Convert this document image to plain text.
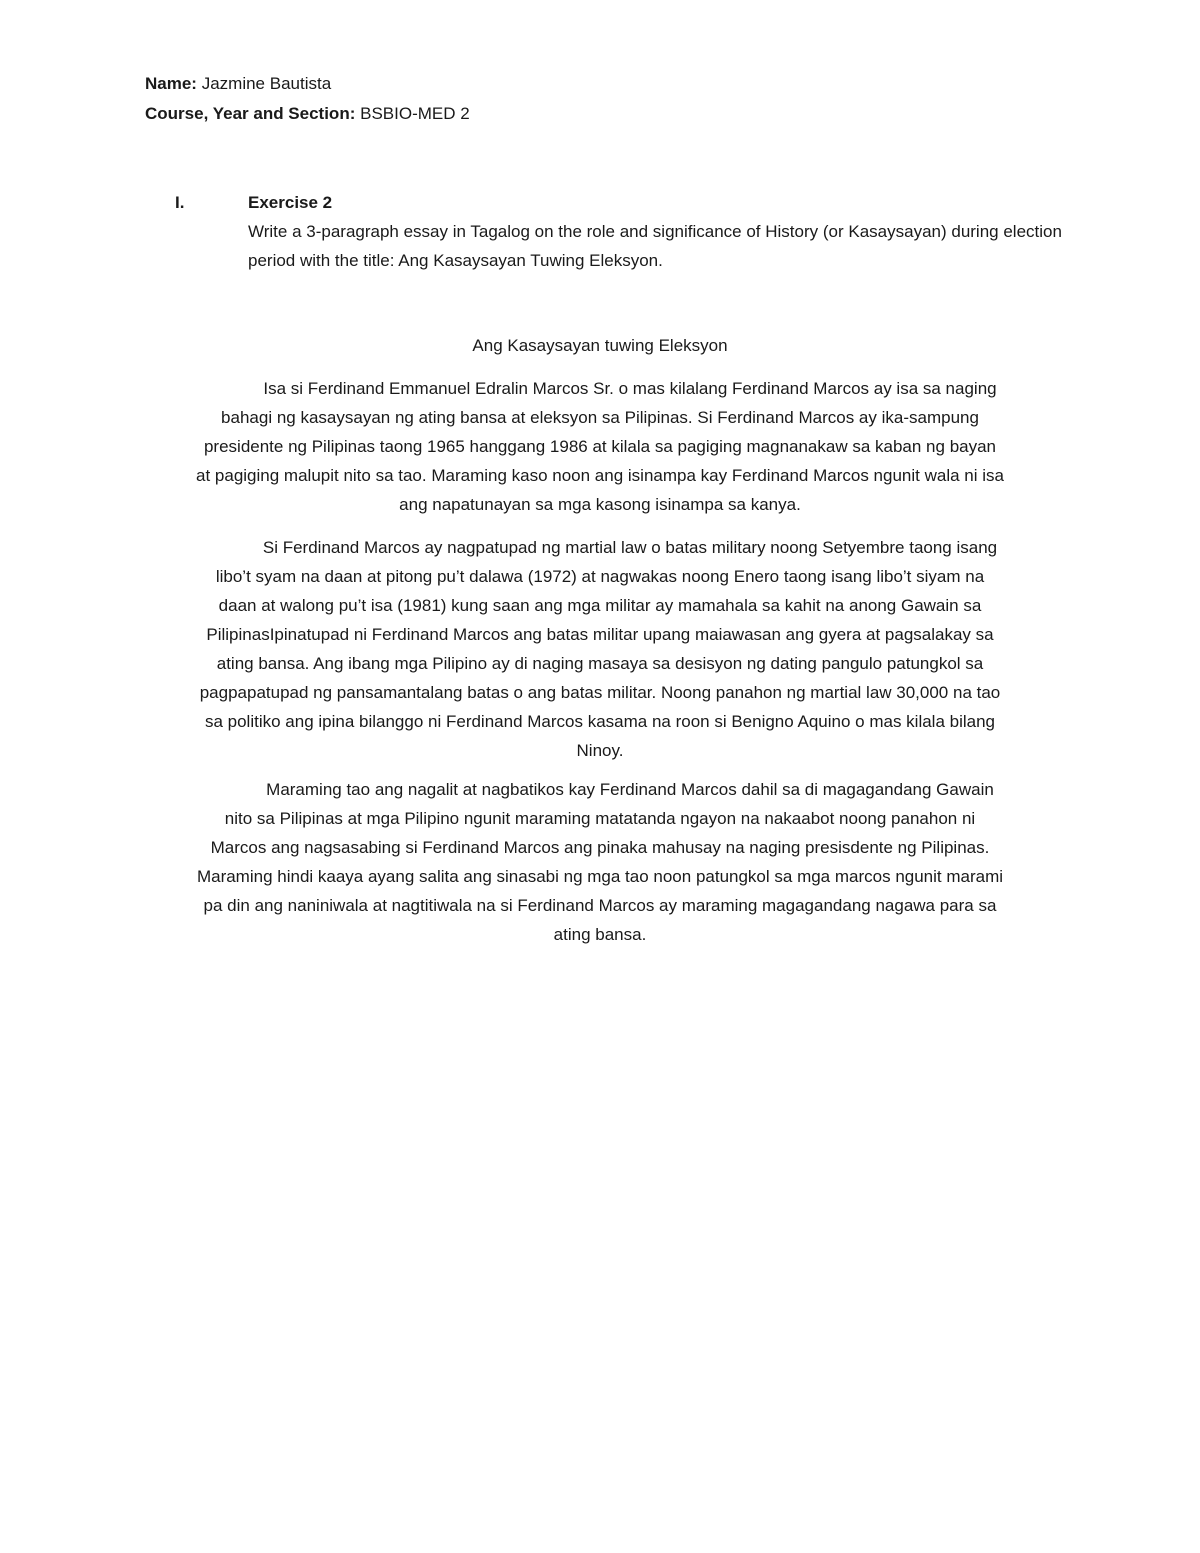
Name: Jazmine Bautista
Course, Year and Section: BSBIO-MED 2
I.	Exercise 2
Write a 3-paragraph essay in Tagalog on the role and significance of History (or Kasaysayan) during election period with the title: Ang Kasaysayan Tuwing Eleksyon.
Ang Kasaysayan tuwing Eleksyon
Isa si Ferdinand Emmanuel Edralin Marcos Sr. o mas kilalang Ferdinand Marcos ay isa sa naging bahagi ng kasaysayan ng ating bansa at eleksyon sa Pilipinas. Si Ferdinand Marcos ay ika-sampung presidente ng Pilipinas taong 1965 hanggang 1986 at kilala sa pagiging magnanakaw sa kaban ng bayan at pagiging malupit nito sa tao. Maraming kaso noon ang isinampa kay Ferdinand Marcos ngunit wala ni isa ang napatunayan sa mga kasong isinampa sa kanya.
Si Ferdinand Marcos ay nagpatupad ng martial law o batas military noong Setyembre taong isang libo’t syam na daan at pitong pu’t dalawa (1972) at nagwakas noong Enero taong isang libo’t siyam na daan at walong pu’t isa (1981) kung saan ang mga militar ay mamahala sa kahit na anong Gawain sa PilipinasIpinatupad ni Ferdinand Marcos ang batas militar upang maiawasan ang gyera at pagsalakay sa ating bansa. Ang ibang mga Pilipino ay di naging masaya sa desisyon ng dating pangulo patungkol sa pagpapatupad ng pansamantalang batas o ang batas militar. Noong panahon ng martial law 30,000 na tao sa politiko ang ipina bilanggo ni Ferdinand Marcos kasama na roon si Benigno Aquino o mas kilala bilang Ninoy.
Maraming tao ang nagalit at nagbatikos kay Ferdinand Marcos dahil sa di magagandang Gawain nito sa Pilipinas at mga Pilipino ngunit maraming matatanda ngayon na nakaabot noong panahon ni Marcos ang nagsasabing si Ferdinand Marcos ang pinaka mahusay na naging presisdente ng Pilipinas. Maraming hindi kaaya ayang salita ang sinasabi ng mga tao noon patungkol sa mga marcos ngunit marami pa din ang naniniwala at nagtitiwala na si Ferdinand Marcos ay maraming magagandang nagawa para sa ating bansa.
